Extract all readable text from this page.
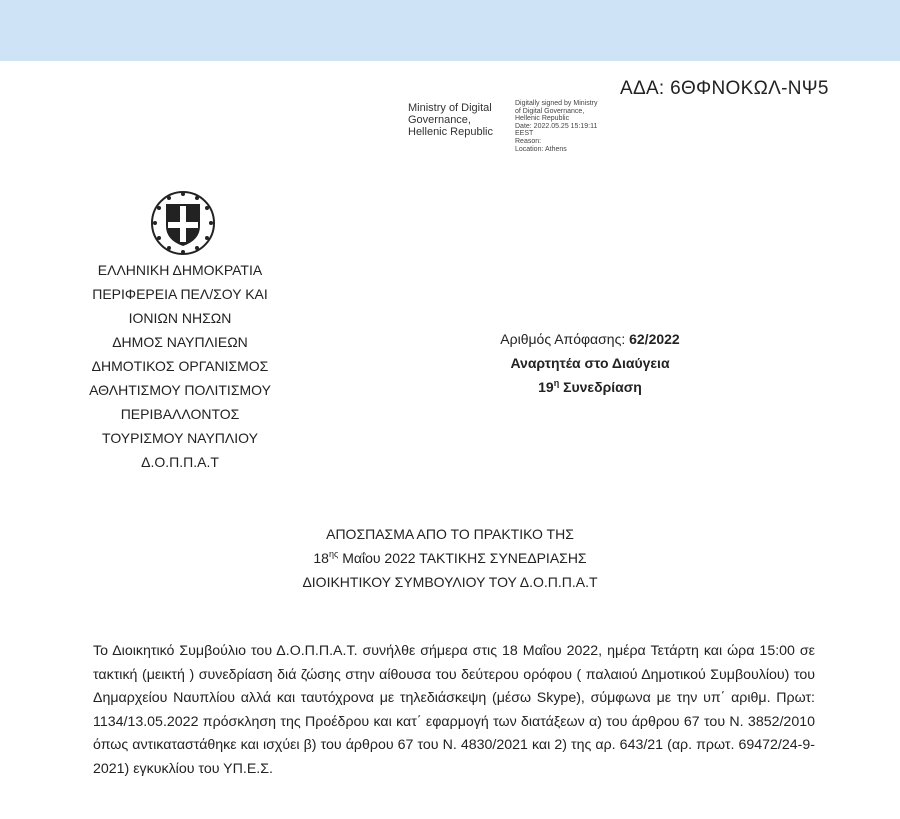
ΑΔΑ: 6ΘΦΝΟΚΩΛ-ΝΨ5
Ministry of Digital Governance, Hellenic Republic
Digitally signed by Ministry
of Digital Governance,
Hellenic Republic
Date: 2022.05.25 15:19:11
EEST
Reason:
Location: Athens
ΕΛΛΗΝΙΚΗ ΔΗΜΟΚΡΑΤΙΑ
ΠΕΡΙΦΕΡΕΙΑ ΠΕΛ/ΣΟΥ ΚΑΙ
ΙΟΝΙΩΝ ΝΗΣΩΝ
ΔΗΜΟΣ ΝΑΥΠΛΙΕΩΝ
ΔΗΜΟΤΙΚΟΣ ΟΡΓΑΝΙΣΜΟΣ
ΑΘΛΗΤΙΣΜΟΥ ΠΟΛΙΤΙΣΜΟΥ
ΠΕΡΙΒΑΛΛΟΝΤΟΣ
ΤΟΥΡΙΣΜΟΥ ΝΑΥΠΛΙΟΥ
Δ.Ο.Π.Π.Α.Τ
Αριθμός Απόφασης: 62/2022
Αναρτητέα στο Διαύγεια
$19^\eta$ Συνεδρίαση
ΑΠΟΣΠΑΣΜΑ ΑΠΟ ΤΟ ΠΡΑΚΤΙΚΟ ΤΗΣ
$18^{\eta\varsigma}$ Μαΐου 2022 ΤΑΚΤΙΚΗΣ ΣΥΝΕΔΡΙΑΣΗΣ
ΔΙΟΙΚΗΤΙΚΟΥ ΣΥΜΒΟΥΛΙΟΥ ΤΟΥ Δ.Ο.Π.Π.Α.Τ
Το Διοικητικό Συμβούλιο του Δ.Ο.Π.Π.Α.Τ. συνήλθε σήμερα στις 18 Μαΐου 2022, ημέρα Τετάρτη και ώρα 15:00 σε τακτική (μεικτή ) συνεδρίαση διά ζώσης στην αίθουσα του δεύτερου ορόφου ( παλαιού Δημοτικού Συμβουλίου) του Δημαρχείου Ναυπλίου αλλά και ταυτόχρονα με τηλεδιάσκεψη (μέσω Skype), σύμφωνα με την υπ΄ αριθμ. Πρωτ: 1134/13.05.2022 πρόσκληση της Προέδρου και κατ΄ εφαρμογή των διατάξεων α) του άρθρου 67 του Ν. 3852/2010 όπως αντικαταστάθηκε και ισχύει β) του άρθρου 67 του Ν. 4830/2021 και 2) της αρ. 643/21 (αρ. πρωτ. 69472/24-9-2021) εγκυκλίου του ΥΠ.Ε.Σ.
